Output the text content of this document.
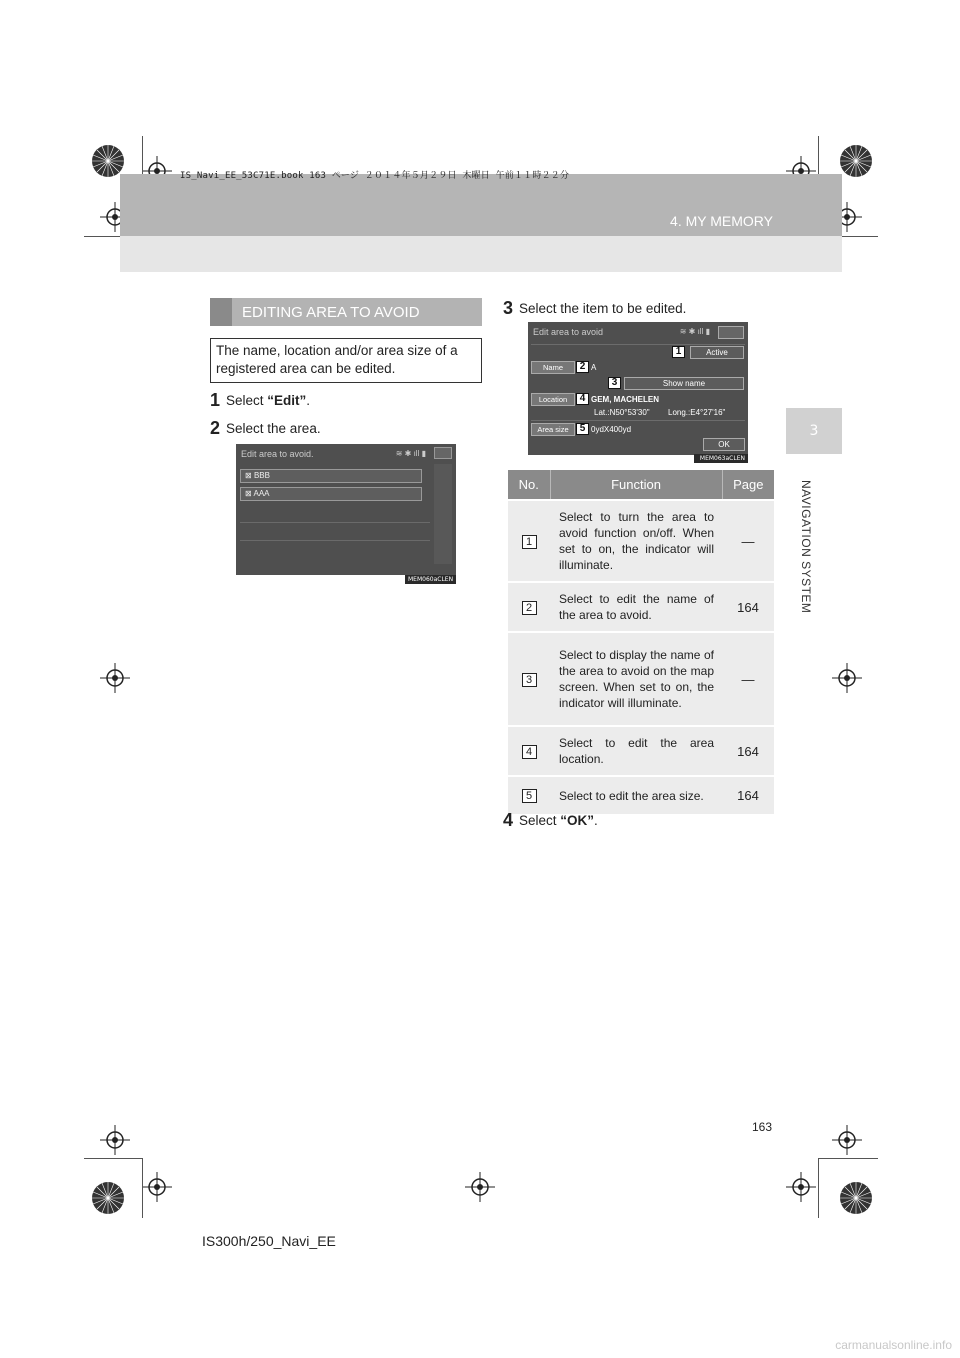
IS_Navi_EE_53C71E.book 163 ページ ２０１４年５月２９日 木曜日 午前１１時２２分
4. MY MEMORY
3
NAVIGATION SYSTEM
EDITING AREA TO AVOID
The name, location and/or area size of a registered area can be edited.
1 Select “Edit”.
2 Select the area.
Edit area to avoid.	≋ ✱ ıll ▮
⊠ BBB
⊠ AAA
MEM060aCLEN
3 Select the item to be edited.
Edit area to avoid	≋ ✱ ıll ▮
1	Active
Name	2 A
3	Show name
Location	4 GEM, MACHELEN
Lat.:N50°53'30" Long.:E4°27'16"
Area size	5 0ydX400yd
OK
MEM063aCLEN
No.	Function	Page
1	Select to turn the area to avoid function on/off. When set to on, the indicator will illuminate.	—
2	Select to edit the name of the area to avoid.	164
3	Select to display the name of the area to avoid on the map screen. When set to on, the indicator will illuminate.	—
4	Select to edit the area location.	164
5	Select to edit the area size.	164
4 Select “OK”.
163
IS300h/250_Navi_EE
carmanualsonline.info
